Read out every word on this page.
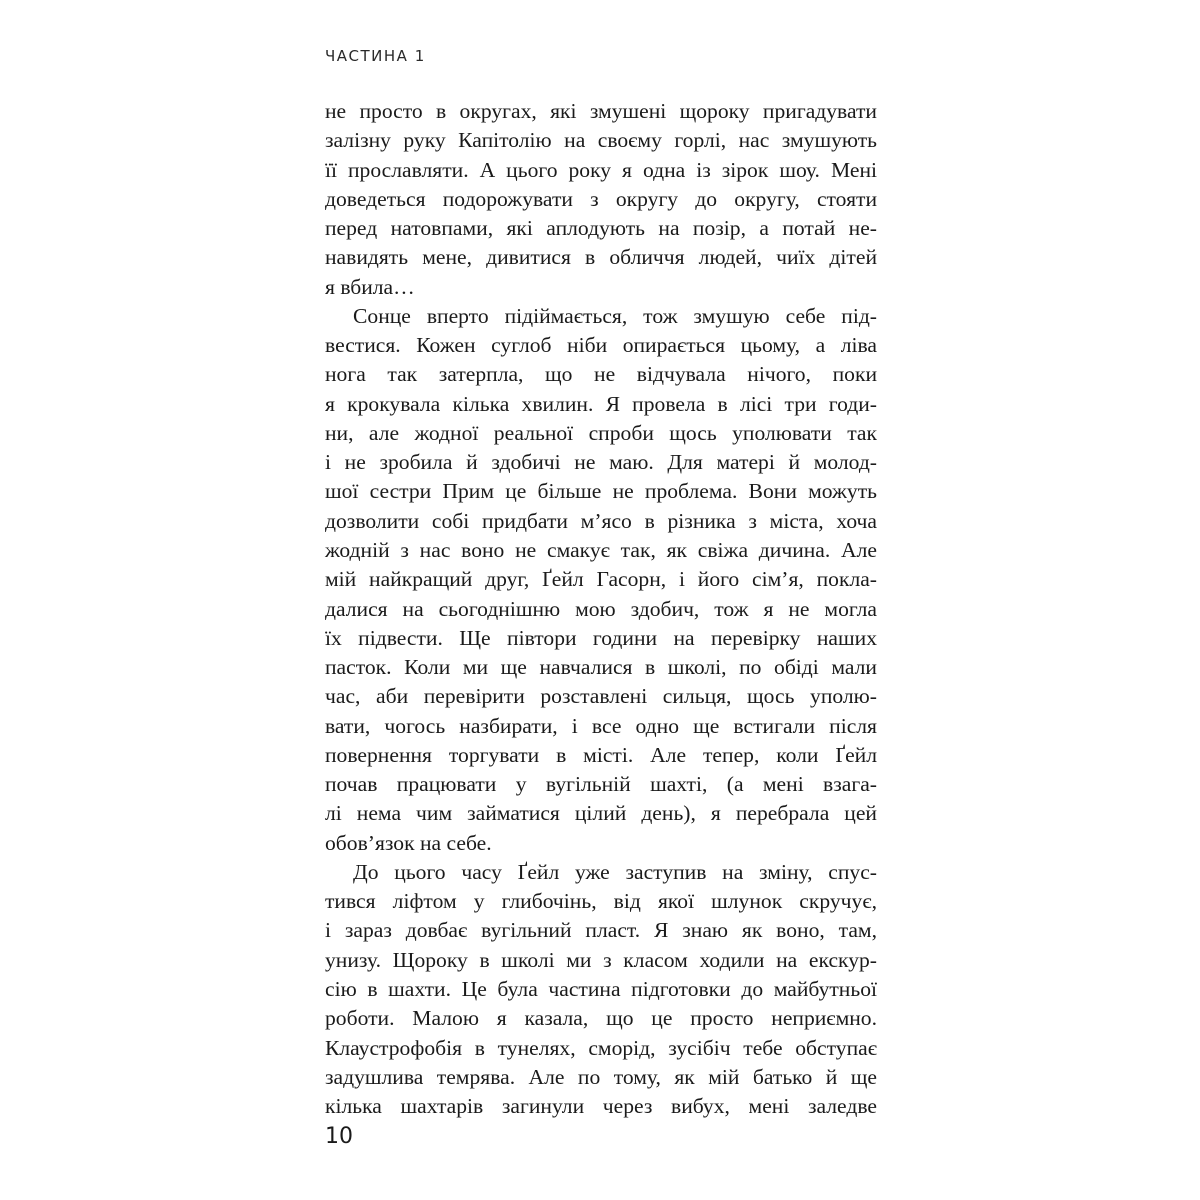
ЧАСТИНА 1
не просто в округах, які змушені щороку пригадувати
залізну руку Капітолію на своєму горлі, нас змушують
її прославляти. А цього року я одна із зірок шоу. Мені
доведеться подорожувати з округу до округу, стояти
перед натовпами, які аплодують на позір, а потай не-
навидять мене, дивитися в обличчя людей, чиїх дітей
я вбила…
Сонце вперто підіймається, тож змушую себе під-
вестися. Кожен суглоб ніби опирається цьому, а ліва
нога так затерпла, що не відчувала нічого, поки
я крокувала кілька хвилин. Я провела в лісі три годи-
ни, але жодної реальної спроби щось уполювати так
і не зробила й здобичі не маю. Для матері й молод-
шої сестри Прим це більше не проблема. Вони можуть
дозволити собі придбати м’ясо в різника з міста, хоча
жодній з нас воно не смакує так, як свіжа дичина. Але
мій найкращий друг, Ґейл Гасорн, і його сім’я, покла-
далися на сьогоднішню мою здобич, тож я не могла
їх підвести. Ще півтори години на перевірку наших
пасток. Коли ми ще навчалися в школі, по обіді мали
час, аби перевірити розставлені сильця, щось уполю-
вати, чогось назбирати, і все одно ще встигали після
повернення торгувати в місті. Але тепер, коли Ґейл
почав працювати у вугільній шахті, (а мені взага-
лі нема чим займатися цілий день), я перебрала цей
обов’язок на себе.
До цього часу Ґейл уже заступив на зміну, спус-
тився ліфтом у глибочінь, від якої шлунок скручує,
і зараз довбає вугільний пласт. Я знаю як воно, там,
унизу. Щороку в школі ми з класом ходили на екскур-
сію в шахти. Це була частина підготовки до майбутньої
роботи. Малою я казала, що це просто неприємно.
Клаустрофобія в тунелях, сморід, зусібіч тебе обступає
задушлива темрява. Але по тому, як мій батько й ще
кілька шахтарів загинули через вибух, мені заледве
10
